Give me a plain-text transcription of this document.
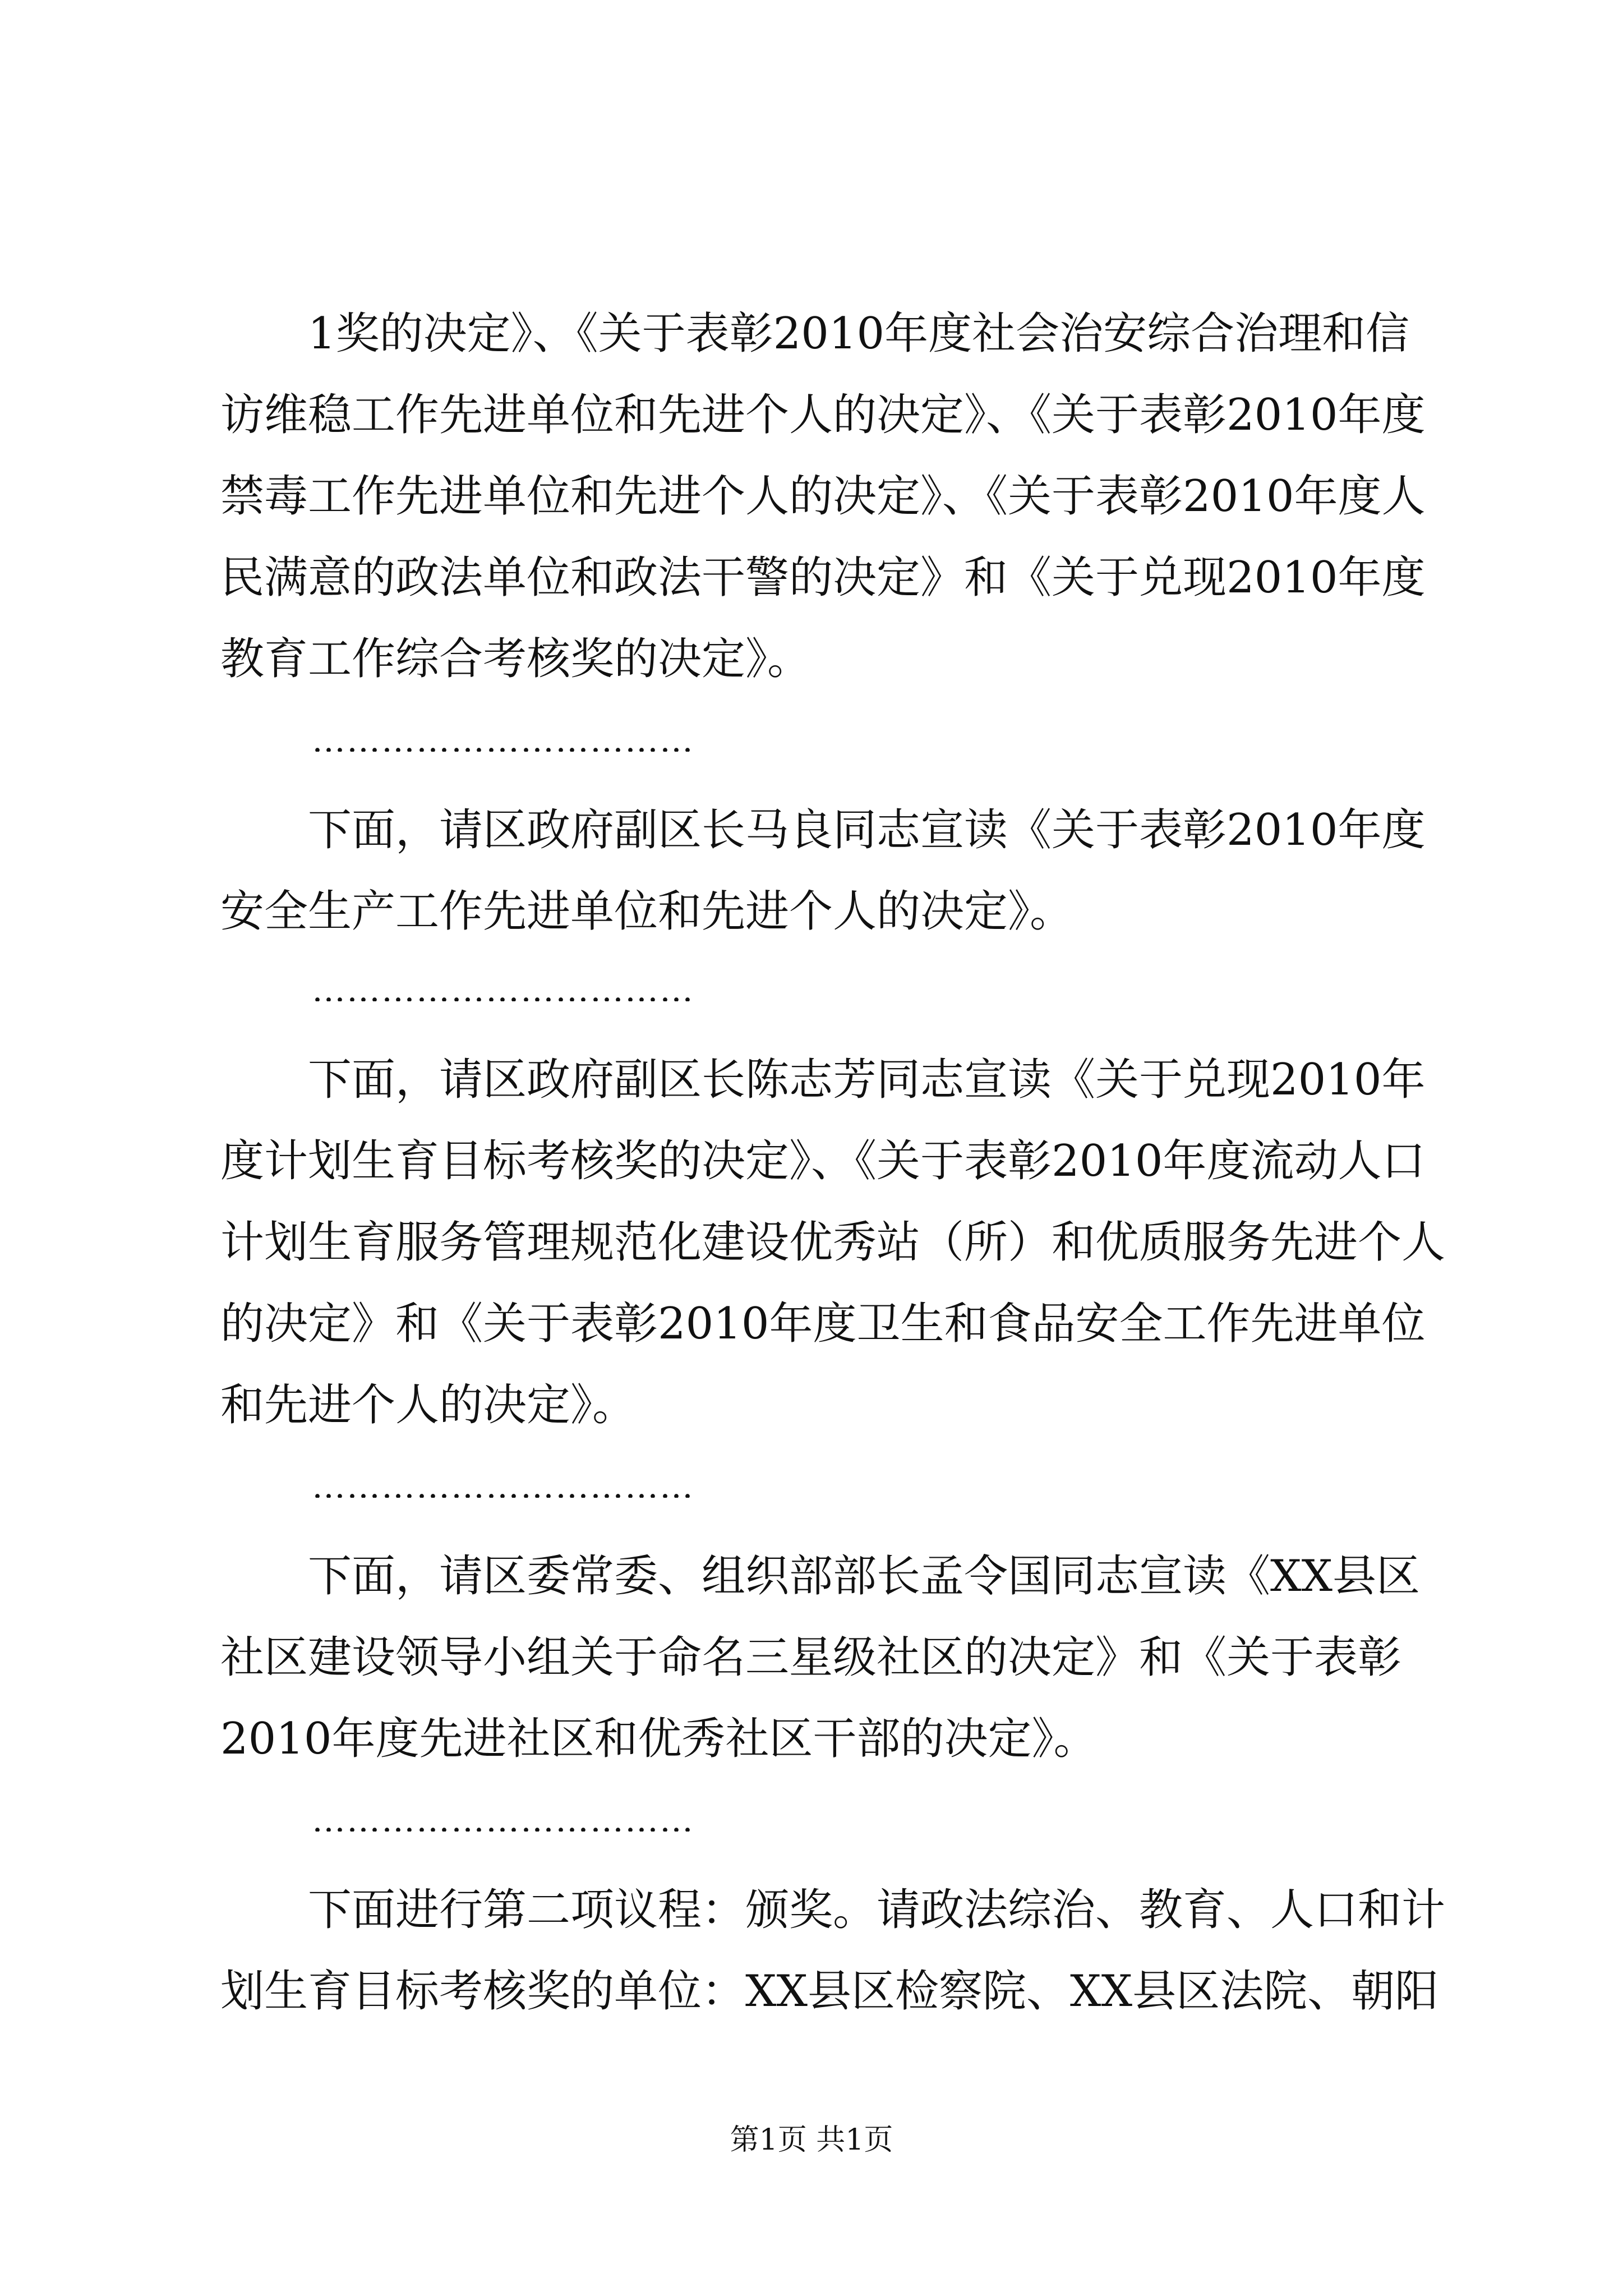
1奖的决定》、《关于表彰2010年度社会治安综合治理和信
访维稳工作先进单位和先进个人的决定》、《关于表彰2010年度
禁毒工作先进单位和先进个人的决定》、《关于表彰2010年度人
民满意的政法单位和政法干警的决定》和《关于兑现2010年度
教育工作综合考核奖的决定》。
……………………………
下面，请区政府副区长马良同志宣读《关于表彰2010年度
安全生产工作先进单位和先进个人的决定》。
……………………………
下面，请区政府副区长陈志芳同志宣读《关于兑现2010年
度计划生育目标考核奖的决定》、《关于表彰2010年度流动人口
计划生育服务管理规范化建设优秀站（所）和优质服务先进个人
的决定》和《关于表彰2010年度卫生和食品安全工作先进单位
和先进个人的决定》。
……………………………
下面，请区委常委、组织部部长孟令国同志宣读《XX县区
社区建设领导小组关于命名三星级社区的决定》和《关于表彰
2010年度先进社区和优秀社区干部的决定》。
……………………………
下面进行第二项议程：颁奖。请政法综治、教育、人口和计
划生育目标考核奖的单位：XX县区检察院、XX县区法院、朝阳
第1页 共1页
